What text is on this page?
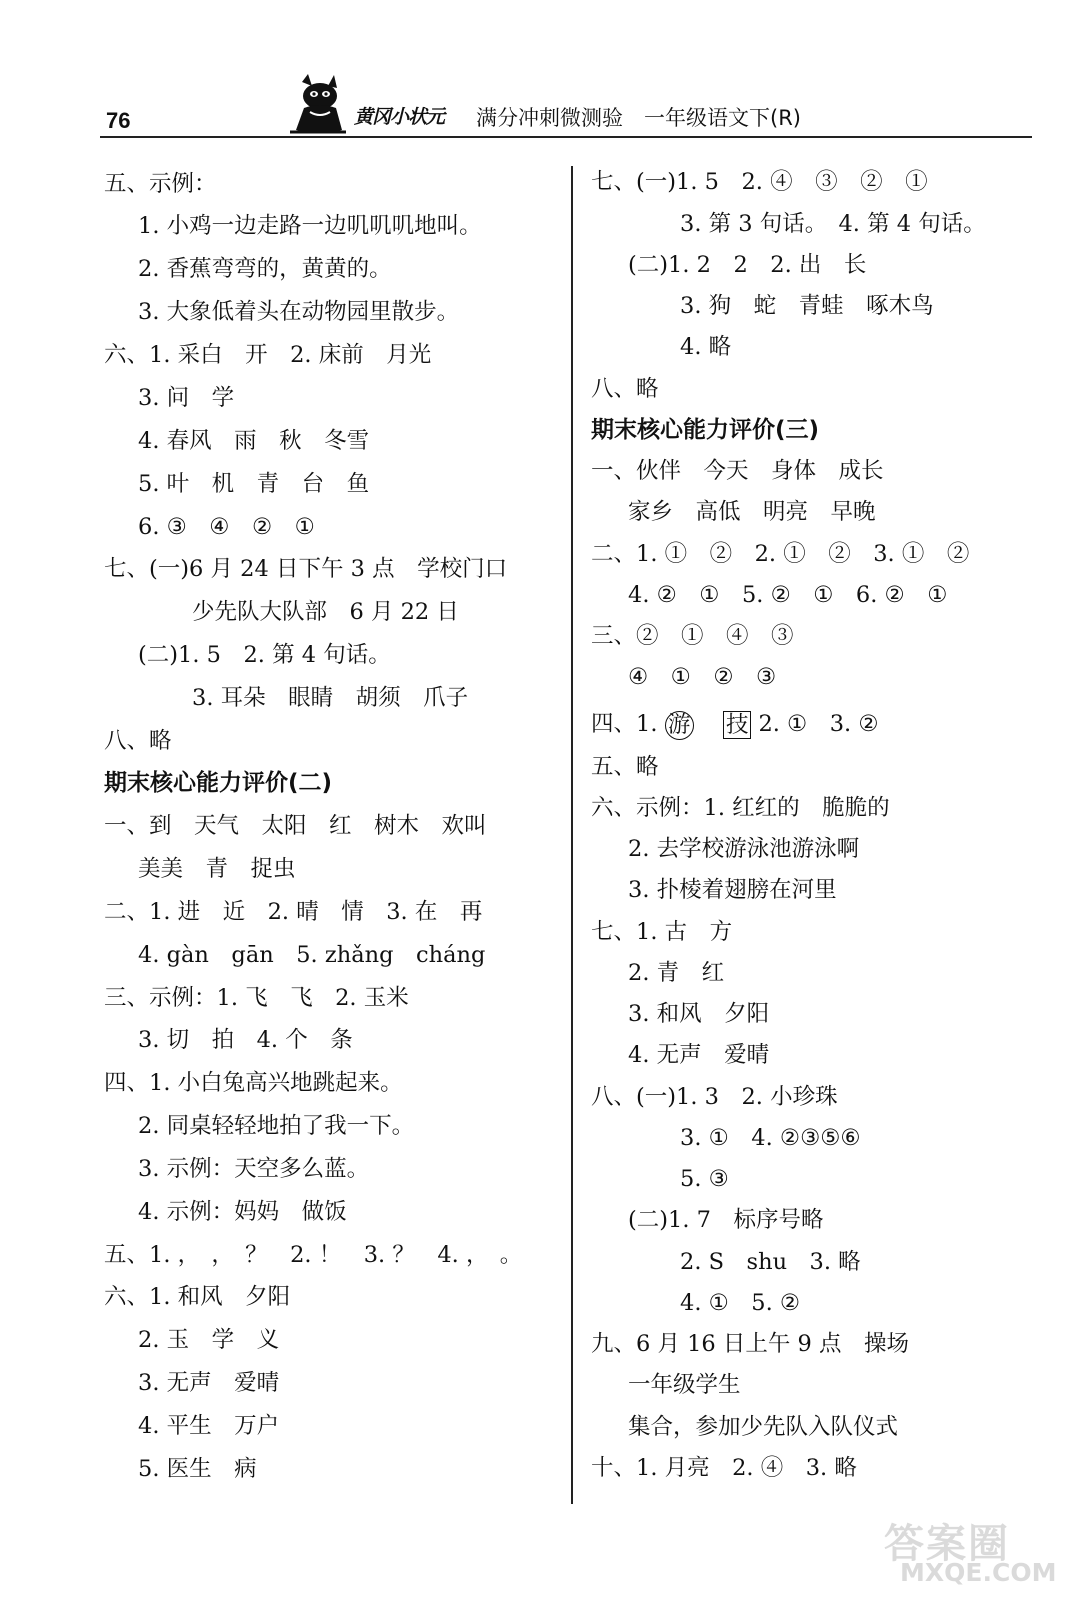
76	黄冈小状元 满分冲刺微测验　一年级语文下(R)
五、示例：
1. 小鸡一边走路一边叽叽叽地叫。
2. 香蕉弯弯的，黄黄的。
3. 大象低着头在动物园里散步。
六、1. 采白　开　2. 床前　月光
3. 问　学
4. 春风　雨　秋　冬雪
5. 叶　机　青　台　鱼
6. ③　④　②　①
七、(一)6 月 24 日下午 3 点　学校门口
少先队大队部　6 月 22 日
(二)1. 5　2. 第 4 句话。
3. 耳朵　眼睛　胡须　爪子
八、略
期末核心能力评价(二)
一、到　天气　太阳　红　树木　欢叫
美美　青　捉虫
二、1. 进　近　2. 晴　情　3. 在　再
4. gàn　gān　5. zhǎng　cháng
三、示例：1. 飞　飞　2. 玉米
3. 切　拍　4. 个　条
四、1. 小白兔高兴地跳起来。
2. 同桌轻轻地拍了我一下。
3. 示例：天空多么蓝。
4. 示例：妈妈　做饭
五、1. ，　，　？　2. ！　3. ？　4. ，　。
六、1. 和风　夕阳
2. 玉　学　义
3. 无声　爱晴
4. 平生　万户
5. 医生　病
七、(一)1. 5　2. ④　③　②　①
3. 第 3 句话。　4. 第 4 句话。
(二)1. 2　2　2. 出　长
3. 狗　蛇　青蛙　啄木鸟
4. 略
八、略
期末核心能力评价(三)
一、伙伴　今天　身体　成长
家乡　高低　明亮　早晚
二、1. ①　②　2. ①　②　3. ①　②
4. ②　①　5. ②　①　6. ②　①
三、②　①　④　③
④　①　②　③
四、1. 游　 技 2. ①　3. ②
五、略
六、示例：1. 红红的　脆脆的
2. 去学校游泳池游泳啊
3. 扑棱着翅膀在河里
七、1. 古　方
2. 青　红
3. 和风　夕阳
4. 无声　爱晴
八、(一)1. 3　2. 小珍珠
3. ①　4. ②③⑤⑥
5. ③
(二)1. 7　标序号略
2. S　shu　3. 略
4. ①　5. ②
九、6 月 16 日上午 9 点　操场
一年级学生
集合，参加少先队入队仪式
十、1. 月亮　2. ④　3. 略
答案圈
MXQE.COM
